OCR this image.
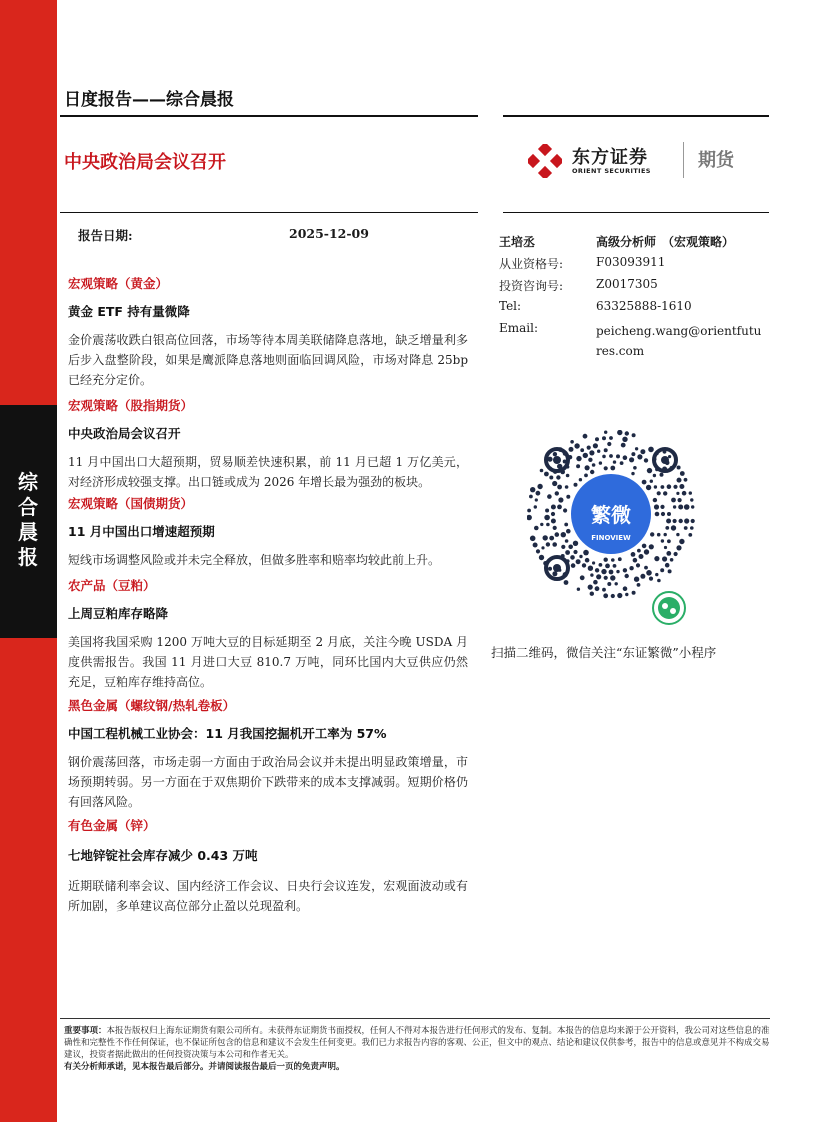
综
合
晨
报
日度报告——综合晨报
中央政治局会议召开	东方证券
ORIENT SECURITIES	期货
报告日期:	2025-12-09
王培丞	高级分析师　（宏观策略）
从业资格号:	F03093911
投资咨询号:	Z0017305
Tel:	63325888-1610
Email:	peicheng.wang@orientfutures.com
繁微
FINOVIEW
扫描二维码，微信关注“东证繁微”小程序
宏观策略（黄金）
黄金 ETF 持有量微降
金价震荡收跌白银高位回落，市场等待本周美联储降息落地，缺乏增量利多后步入盘整阶段，如果是鹰派降息落地则面临回调风险，市场对降息 25bp 已经充分定价。
宏观策略（股指期货）
中央政治局会议召开
11 月中国出口大超预期，贸易顺差快速积累，前 11 月已超 1 万亿美元，对经济形成较强支撑。出口链或成为 2026 年增长最为强劲的板块。
宏观策略（国债期货）
11 月中国出口增速超预期
短线市场调整风险或并未完全释放，但做多胜率和赔率均较此前上升。
农产品（豆粕）
上周豆粕库存略降
美国将我国采购 1200 万吨大豆的目标延期至 2 月底，关注今晚 USDA 月度供需报告。我国 11 月进口大豆 810.7 万吨，同环比国内大豆供应仍然充足，豆粕库存维持高位。
黑色金属（螺纹钢/热轧卷板）
中国工程机械工业协会：11 月我国挖掘机开工率为 57%
钢价震荡回落，市场走弱一方面由于政治局会议并未提出明显政策增量，市场预期转弱。另一方面在于双焦期价下跌带来的成本支撑减弱。短期价格仍有回落风险。
有色金属（锌）
七地锌锭社会库存减少 0.43 万吨
近期联储利率会议、国内经济工作会议、日央行会议连发，宏观面波动或有所加剧，多单建议高位部分止盈以兑现盈利。
重要事项：本报告版权归上海东证期货有限公司所有。未获得东证期货书面授权，任何人不得对本报告进行任何形式的发布、复制。本报告的信息均来源于公开资料，我公司对这些信息的准确性和完整性不作任何保证，也不保证所包含的信息和建议不会发生任何变更。我们已力求报告内容的客观、公正，但文中的观点、结论和建议仅供参考，报告中的信息或意见并不构成交易建议，投资者据此做出的任何投资决策与本公司和作者无关。
有关分析师承诺，见本报告最后部分。并请阅读报告最后一页的免责声明。
